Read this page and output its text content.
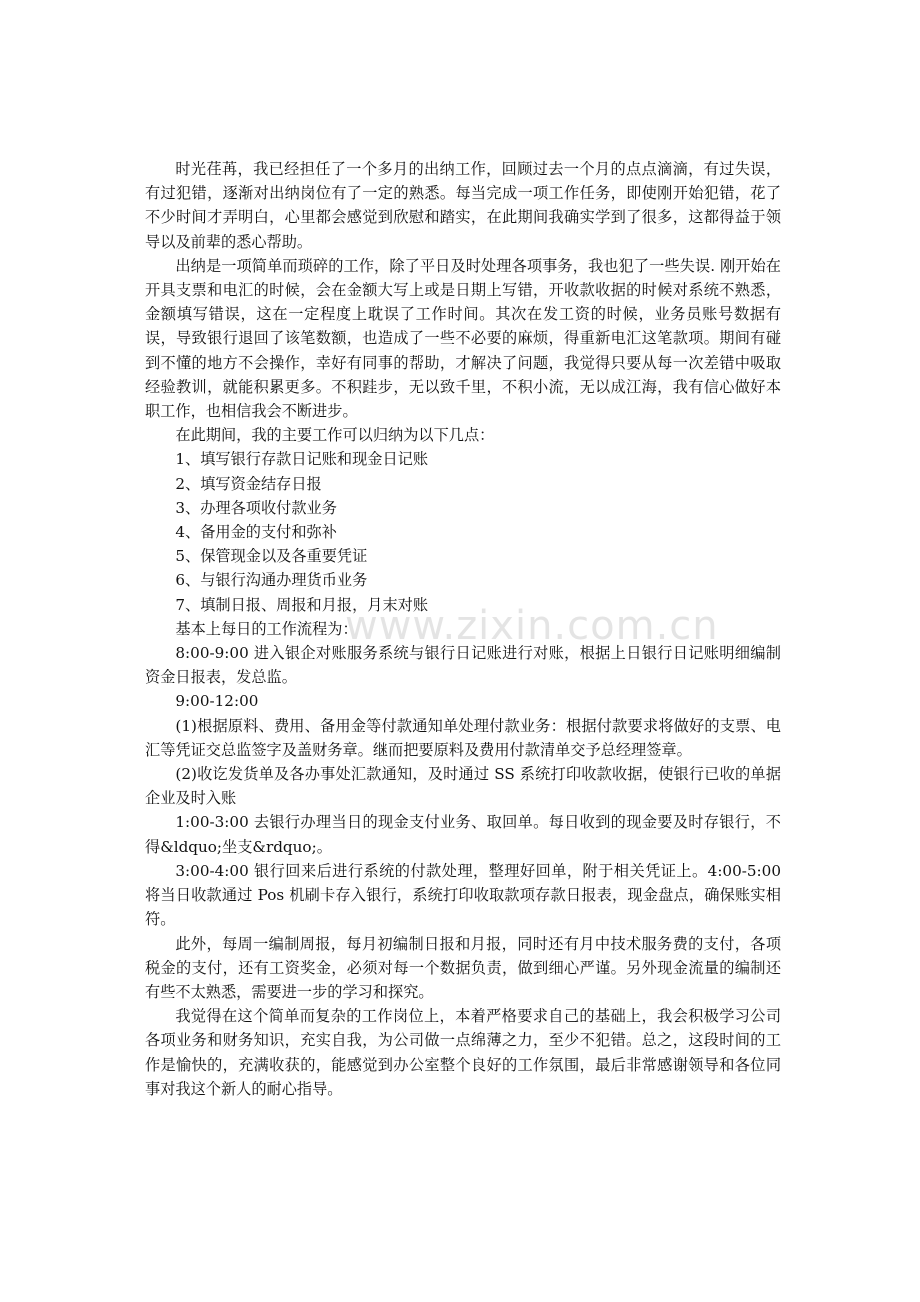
时光荏苒，我已经担任了一个多月的出纳工作，回顾过去一个月的点点滴滴，有过失误，有过犯错，逐渐对出纳岗位有了一定的熟悉。每当完成一项工作任务，即使刚开始犯错，花了不少时间才弄明白，心里都会感觉到欣慰和踏实，在此期间我确实学到了很多，这都得益于领导以及前辈的悉心帮助。

出纳是一项简单而琐碎的工作，除了平日及时处理各项事务，我也犯了一些失误. 刚开始在开具支票和电汇的时候，会在金额大写上或是日期上写错，开收款收据的时候对系统不熟悉，金额填写错误，这在一定程度上耽误了工作时间。其次在发工资的时候，业务员账号数据有误，导致银行退回了该笔数额，也造成了一些不必要的麻烦，得重新电汇这笔款项。期间有碰到不懂的地方不会操作，幸好有同事的帮助，才解决了问题，我觉得只要从每一次差错中吸取经验教训，就能积累更多。不积跬步，无以致千里，不积小流，无以成江海，我有信心做好本职工作，也相信我会不断进步。

在此期间，我的主要工作可以归纳为以下几点：

1、填写银行存款日记账和现金日记账

2、填写资金结存日报

3、办理各项收付款业务

4、备用金的支付和弥补

5、保管现金以及各重要凭证

6、与银行沟通办理货币业务

7、填制日报、周报和月报，月末对账

基本上每日的工作流程为：

8:00-9:00 进入银企对账服务系统与银行日记账进行对账，根据上日银行日记账明细编制资金日报表，发总监。

9:00-12:00

(1)根据原料、费用、备用金等付款通知单处理付款业务：根据付款要求将做好的支票、电汇等凭证交总监签字及盖财务章。继而把要原料及费用付款清单交予总经理签章。

(2)收讫发货单及各办事处汇款通知，及时通过 SS 系统打印收款收据，使银行已收的单据企业及时入账

1:00-3:00 去银行办理当日的现金支付业务、取回单。每日收到的现金要及时存银行，不得&ldquo;坐支&rdquo;。

3:00-4:00 银行回来后进行系统的付款处理，整理好回单，附于相关凭证上。4:00-5:00 将当日收款通过 Pos 机刷卡存入银行，系统打印收取款项存款日报表，现金盘点，确保账实相符。

此外，每周一编制周报，每月初编制日报和月报，同时还有月中技术服务费的支付，各项税金的支付，还有工资奖金，必须对每一个数据负责，做到细心严谨。另外现金流量的编制还有些不太熟悉，需要进一步的学习和探究。

我觉得在这个简单而复杂的工作岗位上，本着严格要求自己的基础上，我会积极学习公司各项业务和财务知识，充实自我，为公司做一点绵薄之力，至少不犯错。总之，这段时间的工作是愉快的，充满收获的，能感觉到办公室整个良好的工作氛围，最后非常感谢领导和各位同事对我这个新人的耐心指导。

www.zixin.com.cn
